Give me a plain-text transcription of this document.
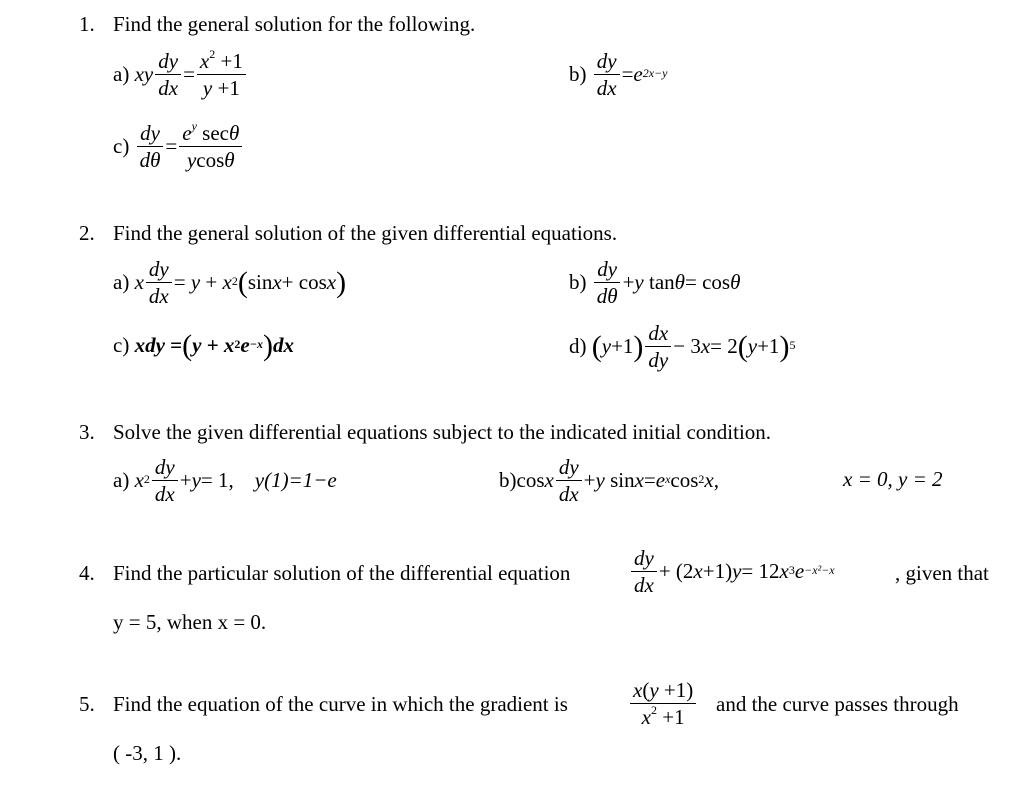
1. Find the general solution for the following.
a)
xy $\frac{dy}{dx} = \frac{x^2 +1}{y +1}$	b)
$\frac{dy}{dx} = e^{2x-y}$
c)
$\frac{dy}{d\theta} = \frac{e^y \sec\theta}{ycos\theta}$
2. Find the general solution of the given differential equations.
a)
x $\frac{dy}{dx} = y + x^2$ ( sin x + cos x )	b)
$\frac{dy}{d\theta} + y$ tan θ = cos θ
c)
xdy
= ( y
+
x $^2$ $e^{-x}$ ) dx	d)
( y +1 ) $\frac{dx}{dy} - 3$ x = 2 ( y +1 )$^5$
3. Solve the given differential equations subject to the indicated initial condition.
a)
$x^2 \frac{dy}{dx} + y = 1$, y(1)=1−e	b) cos x $\frac{dy}{dx} + y$ $\sin x = e^x$ $\cos^2 x$ ,	x = 0, y = 2
4. Find the particular solution of the differential equation	$\frac{dy}{dx} + (2$ x +1) y = 12 $x^3$ $e^{-x^2-x}$	, given that
y = 5, when x = 0.
5. Find the equation of the curve in which the gradient is	$\frac{x(y +1)}{x^2 +1}$ and the curve passes through
( -3, 1 ).
